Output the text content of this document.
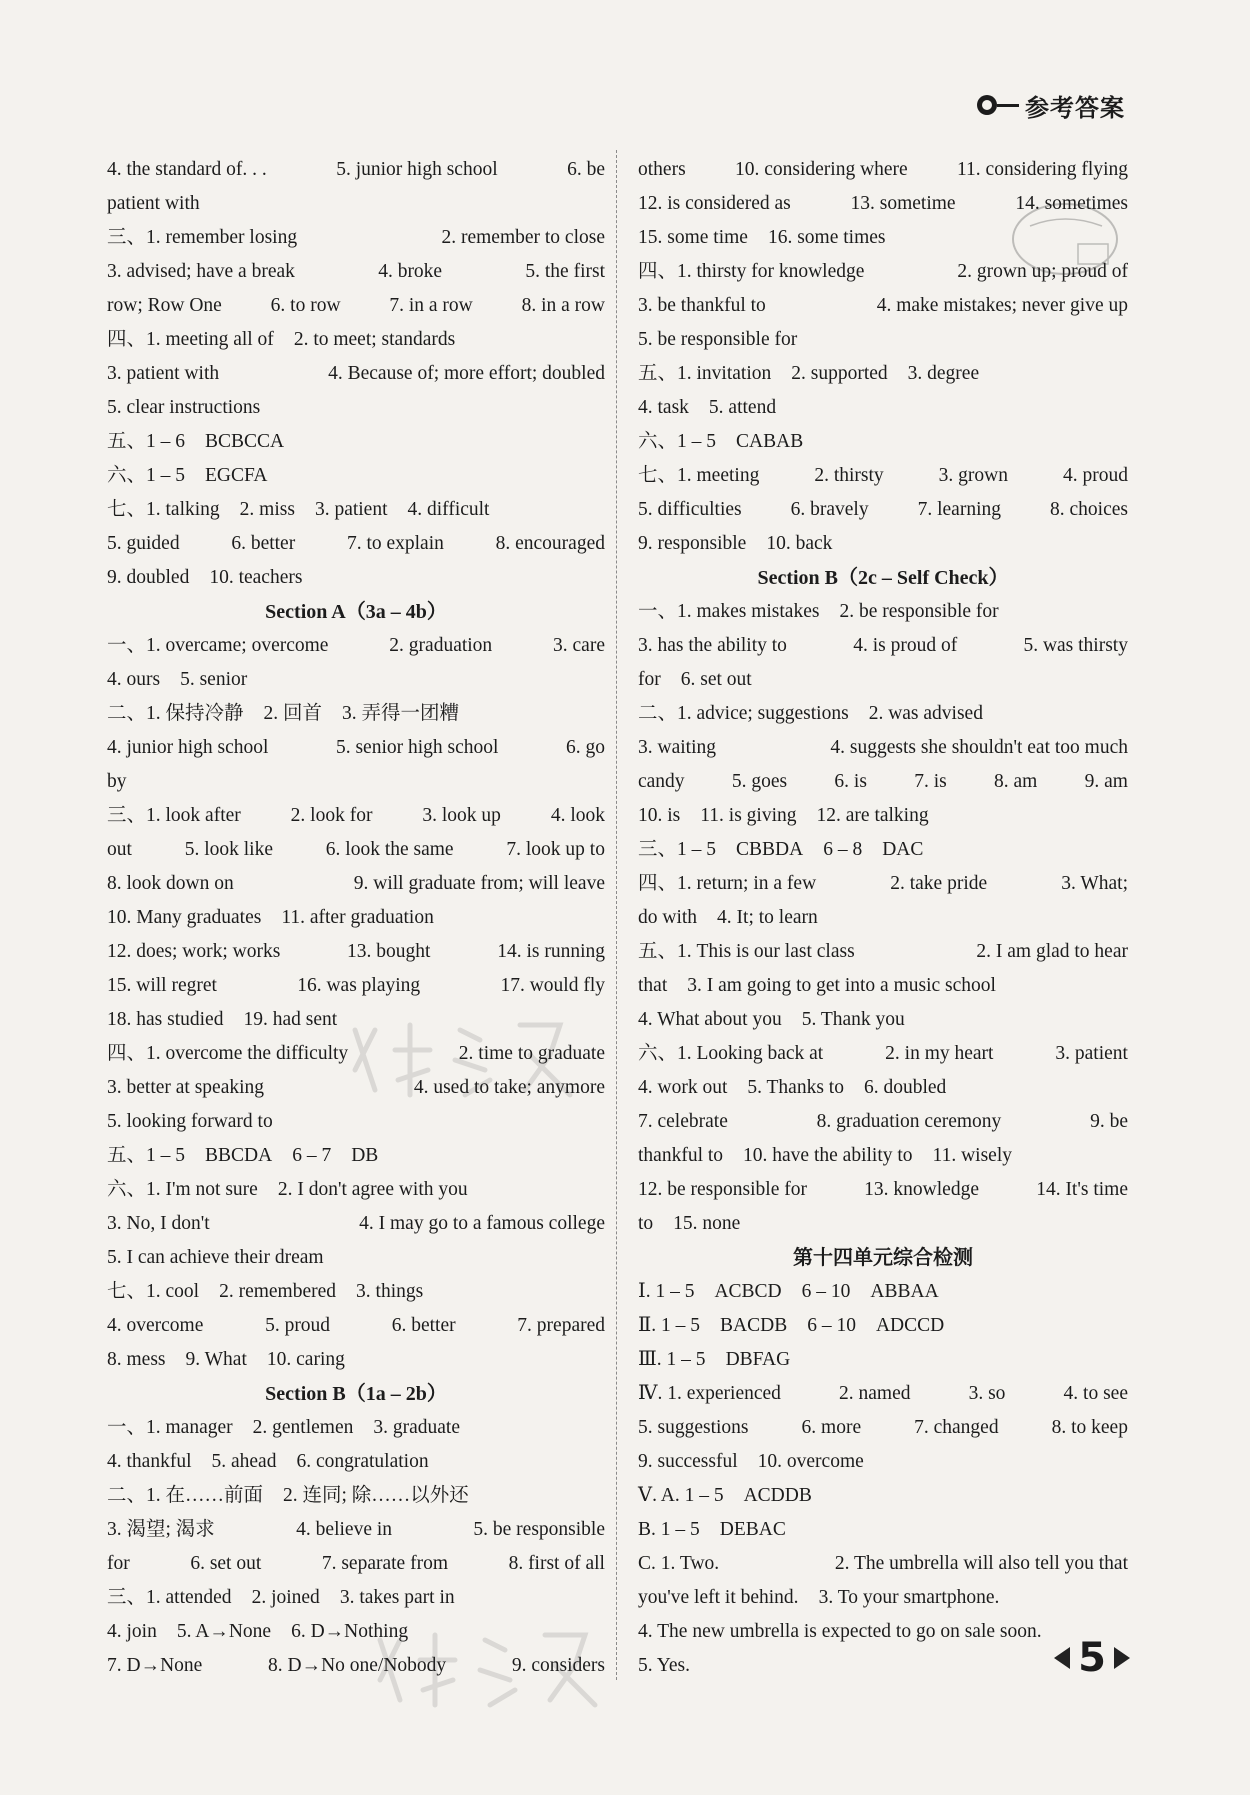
参考答案
4. the standard of. . .	5. junior high school	6. be
patient with
三、1. remember losing	2. remember to close
3. advised; have a break	4. broke	5. the first
row; Row One	6. to row	7. in a row	8. in a row
四、1. meeting all of 2. to meet; standards
3. patient with	4. Because of; more effort; doubled
5. clear instructions
五、1 – 6 BCBCCA
六、1 – 5 EGCFA
七、1. talking 2. miss 3. patient 4. difficult
5. guided	6. better	7. to explain	8. encouraged
9. doubled 10. teachers
Section A（3a – 4b）
一、1. overcame; overcome	2. graduation	3. care
4. ours 5. senior
二、1. 保持冷静 2. 回首 3. 弄得一团糟
4. junior high school	5. senior high school	6. go
by
三、1. look after	2. look for	3. look up	4. look
out	5. look like	6. look the same	7. look up to
8. look down on	9. will graduate from; will leave
10. Many graduates 11. after graduation
12. does; work; works	13. bought	14. is running
15. will regret	16. was playing	17. would fly
18. has studied 19. had sent
四、1. overcome the difficulty	2. time to graduate
3. better at speaking	4. used to take; anymore
5. looking forward to
五、1 – 5 BBCDA 6 – 7 DB
六、1. I'm not sure 2. I don't agree with you
3. No, I don't	4. I may go to a famous college
5. I can achieve their dream
七、1. cool 2. remembered 3. things
4. overcome	5. proud	6. better	7. prepared
8. mess 9. What 10. caring
Section B（1a – 2b）
一、1. manager 2. gentlemen 3. graduate
4. thankful 5. ahead 6. congratulation
二、1. 在……前面 2. 连同; 除……以外还
3. 渴望; 渴求	4. believe in	5. be responsible
for	6. set out	7. separate from	8. first of all
三、1. attended 2. joined 3. takes part in
4. join 5. A→None 6. D→Nothing
7. D→None	8. D→No one/Nobody	9. considers
others	10. considering where	11. considering flying
12. is considered as	13. sometime	14. sometimes
15. some time 16. some times
四、1. thirsty for knowledge	2. grown up; proud of
3. be thankful to	4. make mistakes; never give up
5. be responsible for
五、1. invitation 2. supported 3. degree
4. task 5. attend
六、1 – 5 CABAB
七、1. meeting	2. thirsty	3. grown	4. proud
5. difficulties	6. bravely	7. learning	8. choices
9. responsible 10. back
Section B（2c – Self Check）
一、1. makes mistakes 2. be responsible for
3. has the ability to	4. is proud of	5. was thirsty
for 6. set out
二、1. advice; suggestions 2. was advised
3. waiting	4. suggests she shouldn't eat too much
candy 5. goes 6. is 7. is 8. am 9. am
10. is 11. is giving 12. are talking
三、1 – 5 CBBDA 6 – 8 DAC
四、1. return; in a few	2. take pride	3. What;
do with 4. It; to learn
五、1. This is our last class	2. I am glad to hear
that 3. I am going to get into a music school
4. What about you 5. Thank you
六、1. Looking back at	2. in my heart	3. patient
4. work out 5. Thanks to 6. doubled
7. celebrate	8. graduation ceremony	9. be
thankful to 10. have the ability to 11. wisely
12. be responsible for	13. knowledge	14. It's time
to 15. none
第十四单元综合检测
Ⅰ. 1 – 5 ACBCD 6 – 10 ABBAA
Ⅱ. 1 – 5 BACDB 6 – 10 ADCCD
Ⅲ. 1 – 5 DBFAG
Ⅳ. 1. experienced	2. named	3. so	4. to see
5. suggestions	6. more	7. changed	8. to keep
9. successful 10. overcome
Ⅴ. A. 1 – 5 ACDDB
B. 1 – 5 DEBAC
C. 1. Two.	2. The umbrella will also tell you that
you've left it behind. 3. To your smartphone.
4. The new umbrella is expected to go on sale soon.
5. Yes.	5
